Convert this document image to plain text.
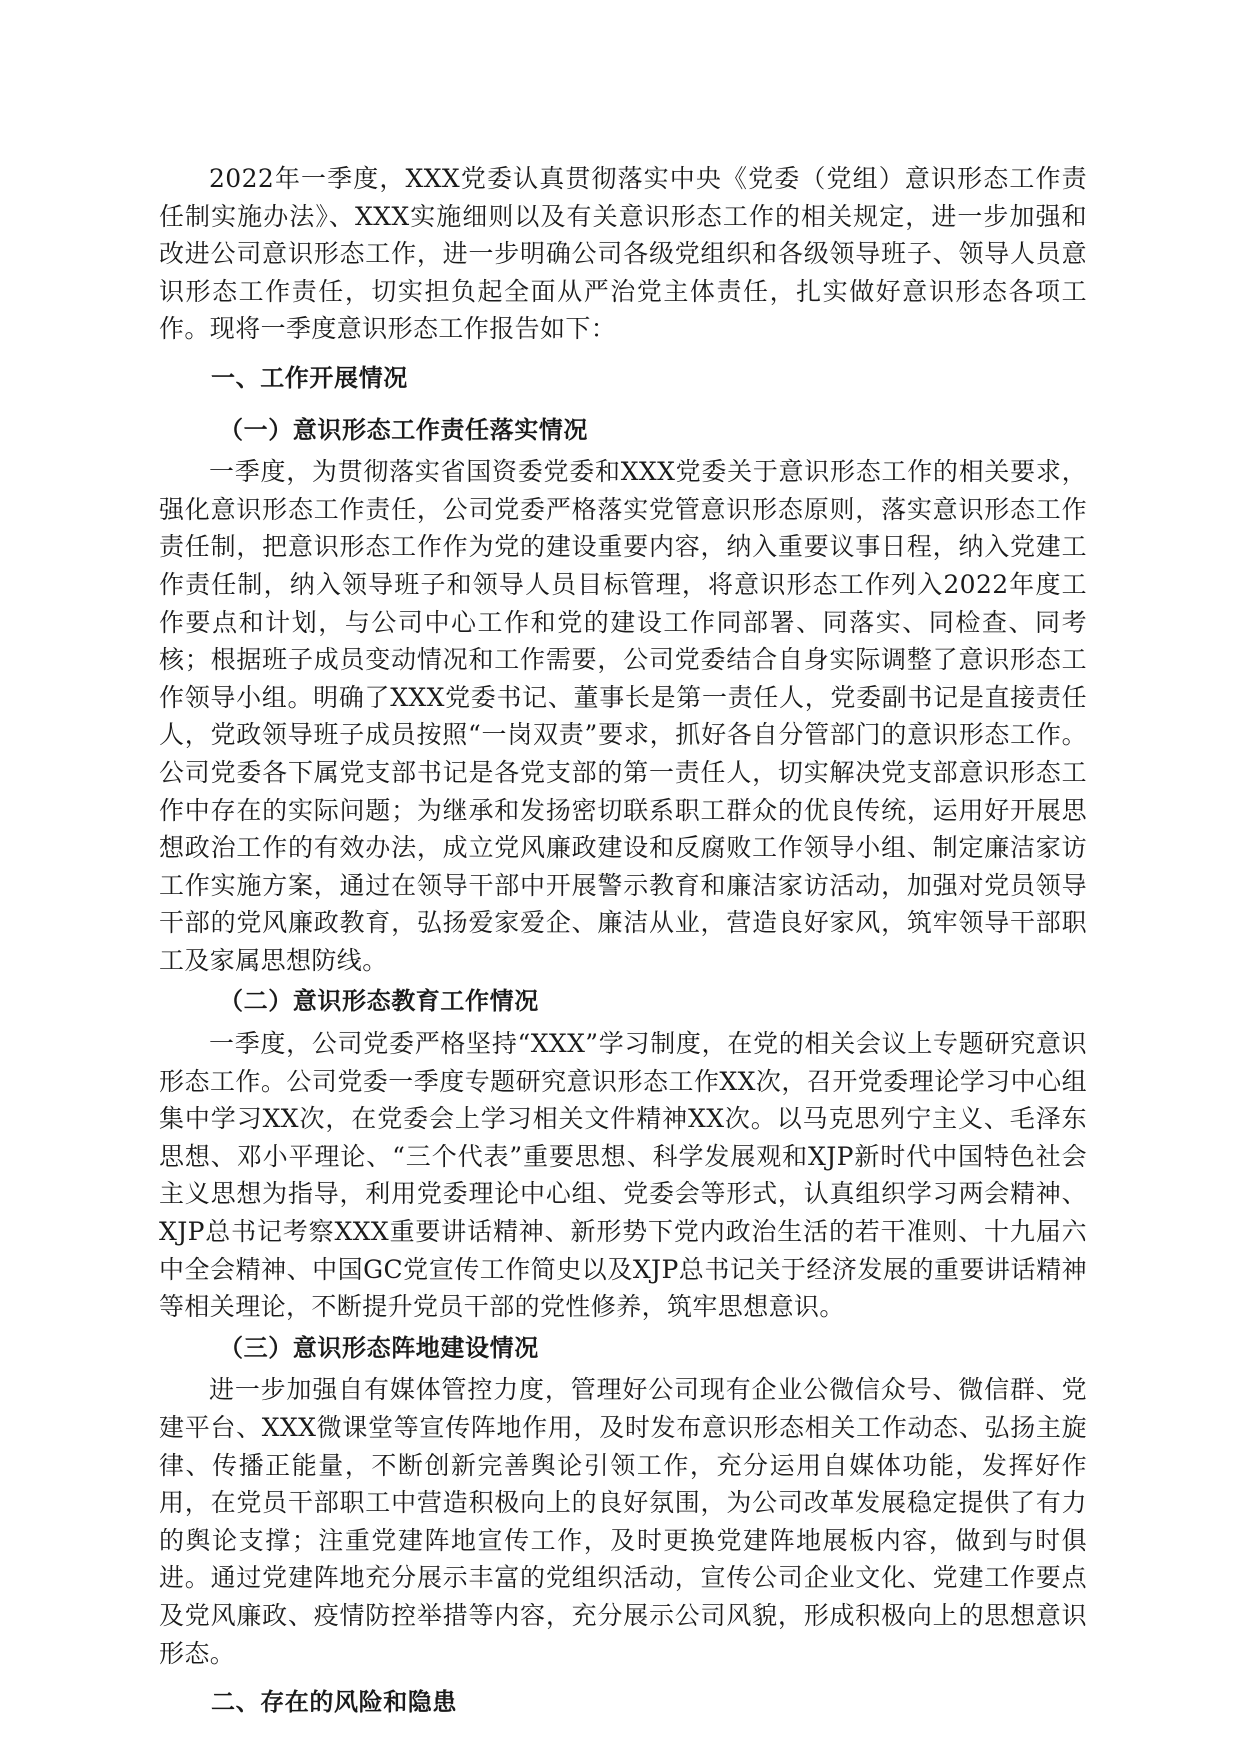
2022年一季度，XXX党委认真贯彻落实中央《党委（党组）意识形态工作责任制实施办法》、XXX实施细则以及有关意识形态工作的相关规定，进一步加强和改进公司意识形态工作，进一步明确公司各级党组织和各级领导班子、领导人员意识形态工作责任，切实担负起全面从严治党主体责任，扎实做好意识形态各项工作。现将一季度意识形态工作报告如下：

一、工作开展情况

（一）意识形态工作责任落实情况

一季度，为贯彻落实省国资委党委和XXX党委关于意识形态工作的相关要求，强化意识形态工作责任，公司党委严格落实党管意识形态原则，落实意识形态工作责任制，把意识形态工作作为党的建设重要内容，纳入重要议事日程，纳入党建工作责任制，纳入领导班子和领导人员目标管理，将意识形态工作列入2022年度工作要点和计划，与公司中心工作和党的建设工作同部署、同落实、同检查、同考核；根据班子成员变动情况和工作需要，公司党委结合自身实际调整了意识形态工作领导小组。明确了XXX党委书记、董事长是第一责任人，党委副书记是直接责任人，党政领导班子成员按照“一岗双责”要求，抓好各自分管部门的意识形态工作。公司党委各下属党支部书记是各党支部的第一责任人，切实解决党支部意识形态工作中存在的实际问题；为继承和发扬密切联系职工群众的优良传统，运用好开展思想政治工作的有效办法，成立党风廉政建设和反腐败工作领导小组、制定廉洁家访工作实施方案，通过在领导干部中开展警示教育和廉洁家访活动，加强对党员领导干部的党风廉政教育，弘扬爱家爱企、廉洁从业，营造良好家风，筑牢领导干部职工及家属思想防线。

（二）意识形态教育工作情况

一季度，公司党委严格坚持“XXX”学习制度，在党的相关会议上专题研究意识形态工作。公司党委一季度专题研究意识形态工作XX次，召开党委理论学习中心组集中学习XX次，在党委会上学习相关文件精神XX次。以马克思列宁主义、毛泽东思想、邓小平理论、“三个代表”重要思想、科学发展观和XJP新时代中国特色社会主义思想为指导，利用党委理论中心组、党委会等形式，认真组织学习两会精神、XJP总书记考察XXX重要讲话精神、新形势下党内政治生活的若干准则、十九届六中全会精神、中国GC党宣传工作简史以及XJP总书记关于经济发展的重要讲话精神等相关理论，不断提升党员干部的党性修养，筑牢思想意识。

（三）意识形态阵地建设情况

进一步加强自有媒体管控力度，管理好公司现有企业公微信众号、微信群、党建平台、XXX微课堂等宣传阵地作用，及时发布意识形态相关工作动态、弘扬主旋律、传播正能量，不断创新完善舆论引领工作，充分运用自媒体功能，发挥好作用，在党员干部职工中营造积极向上的良好氛围，为公司改革发展稳定提供了有力的舆论支撑；注重党建阵地宣传工作，及时更换党建阵地展板内容，做到与时俱进。通过党建阵地充分展示丰富的党组织活动，宣传公司企业文化、党建工作要点及党风廉政、疫情防控举措等内容，充分展示公司风貌，形成积极向上的思想意识形态。

二、存在的风险和隐患
